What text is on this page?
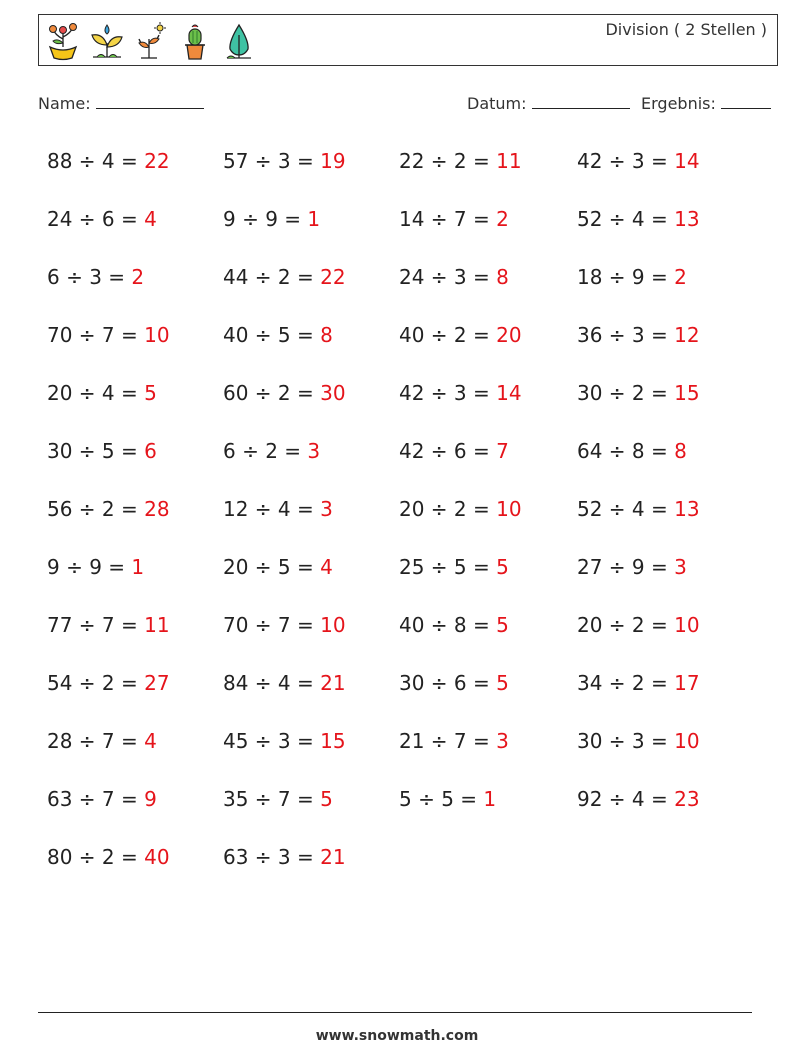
Division ( 2 Stellen )
Name:	Datum:	Ergebnis:
88 ÷ 4 = 22	57 ÷ 3 = 19	22 ÷ 2 = 11	42 ÷ 3 = 14
24 ÷ 6 = 4	9 ÷ 9 = 1	14 ÷ 7 = 2	52 ÷ 4 = 13
6 ÷ 3 = 2	44 ÷ 2 = 22	24 ÷ 3 = 8	18 ÷ 9 = 2
70 ÷ 7 = 10	40 ÷ 5 = 8	40 ÷ 2 = 20	36 ÷ 3 = 12
20 ÷ 4 = 5	60 ÷ 2 = 30	42 ÷ 3 = 14	30 ÷ 2 = 15
30 ÷ 5 = 6	6 ÷ 2 = 3	42 ÷ 6 = 7	64 ÷ 8 = 8
56 ÷ 2 = 28	12 ÷ 4 = 3	20 ÷ 2 = 10	52 ÷ 4 = 13
9 ÷ 9 = 1	20 ÷ 5 = 4	25 ÷ 5 = 5	27 ÷ 9 = 3
77 ÷ 7 = 11	70 ÷ 7 = 10	40 ÷ 8 = 5	20 ÷ 2 = 10
54 ÷ 2 = 27	84 ÷ 4 = 21	30 ÷ 6 = 5	34 ÷ 2 = 17
28 ÷ 7 = 4	45 ÷ 3 = 15	21 ÷ 7 = 3	30 ÷ 3 = 10
63 ÷ 7 = 9	35 ÷ 7 = 5	5 ÷ 5 = 1	92 ÷ 4 = 23
80 ÷ 2 = 40	63 ÷ 3 = 21
www.snowmath.com
